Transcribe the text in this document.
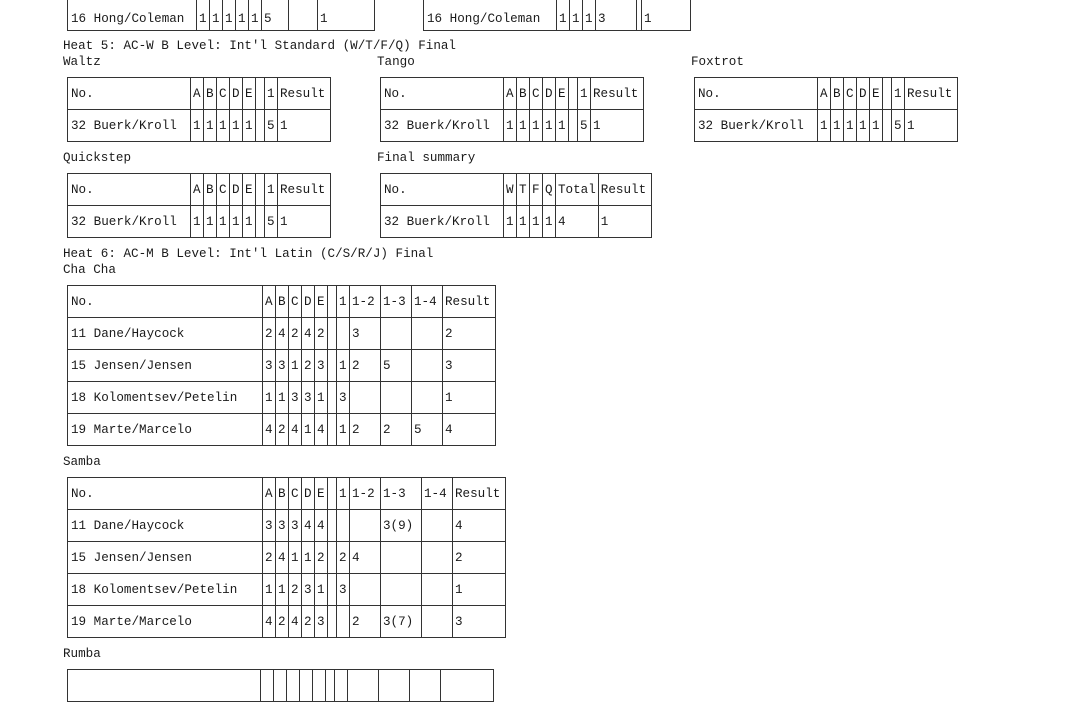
16 Hong/Coleman	1	1	1	1	1	5		1	16 Hong/Coleman	1	1	1	3		1
Heat 5: AC-W B Level: Int'l Standard (W/T/F/Q) Final
Waltz
No.	A	B	C	D	E		1	Result
32 Buerk/Kroll	1	1	1	1	1		5	1
Tango
No.	A	B	C	D	E		1	Result
32 Buerk/Kroll	1	1	1	1	1		5	1
Foxtrot
No.	A	B	C	D	E		1	Result
32 Buerk/Kroll	1	1	1	1	1		5	1
Quickstep
No.	A	B	C	D	E		1	Result
32 Buerk/Kroll	1	1	1	1	1		5	1
Final summary
No.	W	T	F	Q	Total	Result
32 Buerk/Kroll	1	1	1	1	4	1
Heat 6: AC-M B Level: Int'l Latin (C/S/R/J) Final
Cha Cha
No.	A	B	C	D	E		1	1-2	1-3	1-4	Result
11 Dane/Haycock	2	4	2	4	2			3			2
15 Jensen/Jensen	3	3	1	2	3		1	2	5		3
18 Kolomentsev/Petelin	1	1	3	3	1		3				1
19 Marte/Marcelo	4	2	4	1	4		1	2	2	5	4
Samba
No.	A	B	C	D	E		1	1-2	1-3	1-4	Result
11 Dane/Haycock	3	3	3	4	4				3(9)		4
15 Jensen/Jensen	2	4	1	1	2		2	4			2
18 Kolomentsev/Petelin	1	1	2	3	1		3				1
19 Marte/Marcelo	4	2	4	2	3			2	3(7)		3
Rumba
